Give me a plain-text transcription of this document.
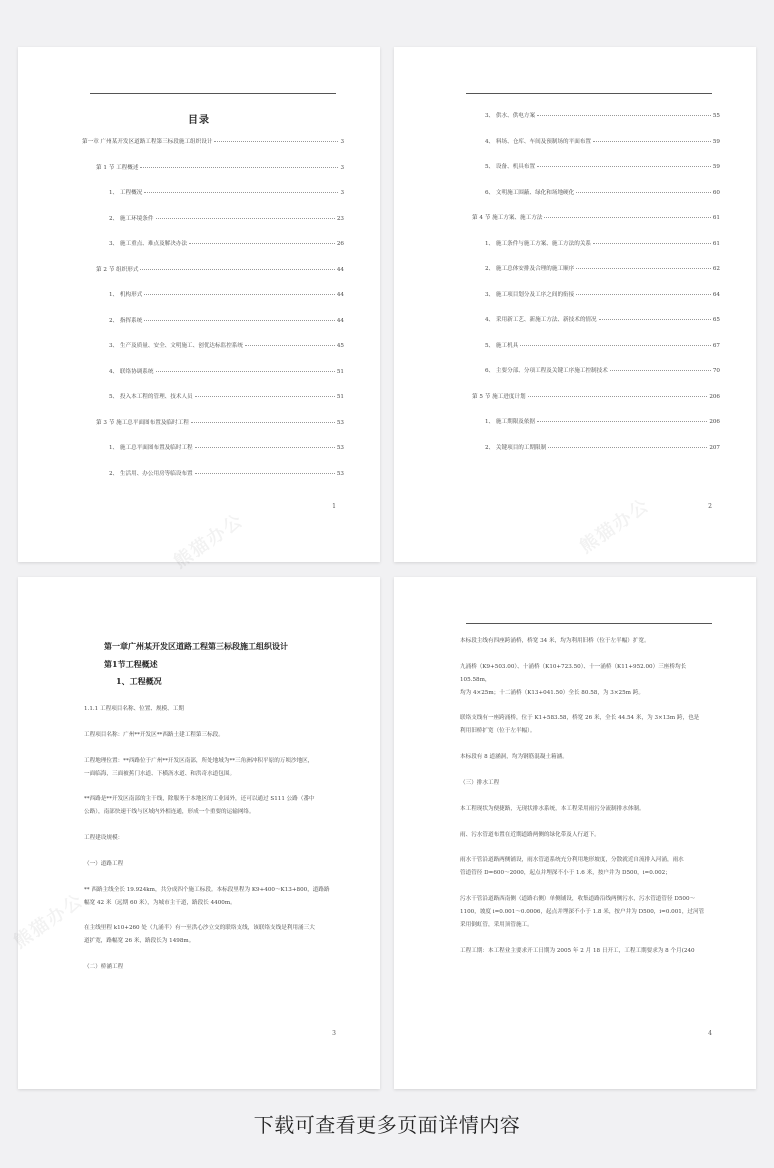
目录
第一章 广州某开发区道路工程第三标段施工组织设计	3
第 1 节 工程概述	3
1、 工程概况	3
2、 施工环境条件	23
3、 施工重点、难点及解决办法	26
第 2 节 组织形式	44
1、 机构形式	44
2、 指挥系统	44
3、 生产及质量、安全、文明施工、创优达标监控系统	45
4、 联络协调系统	51
5、 投入本工程的管理、技术人员	51
第 3 节 施工总平面图布置及临时工程	53
1、 施工总平面图布置及临时工程	53
2、 生活用、办公用房等临设布置	53
熊猫办公
1
3、 供水、供电方案	55
4、 料场、仓库、车间及预制场的平面布置	59
5、 设备、机具布置	59
6、 文明施工围蔽、绿化和场地硬化	60
第 4 节 施工方案、施工方法	61
1、 施工条件与施工方案、施工方法的关系	61
2、 施工总体安排及合理的施工顺序	62
3、 施工项目划分及工序之间的衔接	64
4、 采用新工艺、新施工方法、新技术的情况	65
5、 施工机具	67
6、 主要分部、分项工程及关键工序施工控制技术	70
第 5 节 施工进度计划	206
1、 施工期限及依据	206
2、 关键项目的工期限制	207
熊猫办公	2
第一章广州某开发区道路工程第三标段施工组织设计
第1节工程概述
1、工程概况

1.1.1 工程项目名称、位置、规模、工期

工程项目名称：广州**开发区**西路土建工程第三标段。

工程地理位置：**西路位于广州**开发区南部，所处地域为**三角洲冲积平原的万顷沙地区，

一面临海，三面被蕉门水道、下横沥水道、和洪奇水道包围。

**西路是**开发区南部的主干线，除服务于本地区的工业园外，还可以通过 S111 公路（番中

公路），南部快速干线与区域内外相连通，形成一个重要的运输网络。

工程建设规模：

（一）道路工程

** 西路主线全长 19.924km，共分成四个施工标段。本标段里程为 K9+400～K13+800，道路路

幅宽 42 米（远期 60 米），为城市主干道，路段长 4400m。

在主线里程 k10+260 处（九涌半）有一至洪心沙立交的联络支线，该联络支线是利用涌三大

道扩宽，路幅宽 26 米，路段长为 1498m。

（二）桥涵工程

熊猫办公
3

本标段主线有四座跨涌桥，桥宽 34 米，均为利用旧桥（位于左半幅）扩宽。

九涌桥（K9+503.00）、十涌桥（K10+723.50）、十一涌桥（K11+952.00）三座桥均长 105.58m，

均为 4×25m；十二涌桥（K13+041.50）全长 80.58，为 3×25m 跨。

联络支线有一座跨涌桥，位于 K1+583.58，桥宽 26 米，全长 44.54 米，为 3×13m 跨，也是

利用旧桥扩宽（位于左半幅）。

本标段有 8 道涵洞，均为钢筋混凝土箱涵。

（三）排水工程

本工程现状为便捷路，无现状排水系统，本工程采用雨污分流制排水体制。

雨、污水管道布置在近期道路两侧的绿化带及人行道下。

雨水干管沿道路两侧铺设，雨水管道系统充分利用地形坡度，分散就近自流排入河涌，雨水

管道管径 D=600～2000，起点并埋深不小于 1.6 米，按户井为 D500，i=0.002；

污水干管沿道路西南侧（道路右侧）单侧铺设，收集道路沿线两侧污水，污水管道管径 D500～

1100，坡度 i=0.001～0.0006，起点并埋深不小于 1.8 米，按户井为 D500，i=0.001，过河管

采用倒虹管，采用顶管施工。

工程工期：本工程业主要求开工日期为 2005 年 2 月 18 日开工，工程工期要求为 8 个月(240

4
下载可查看更多页面详情内容
